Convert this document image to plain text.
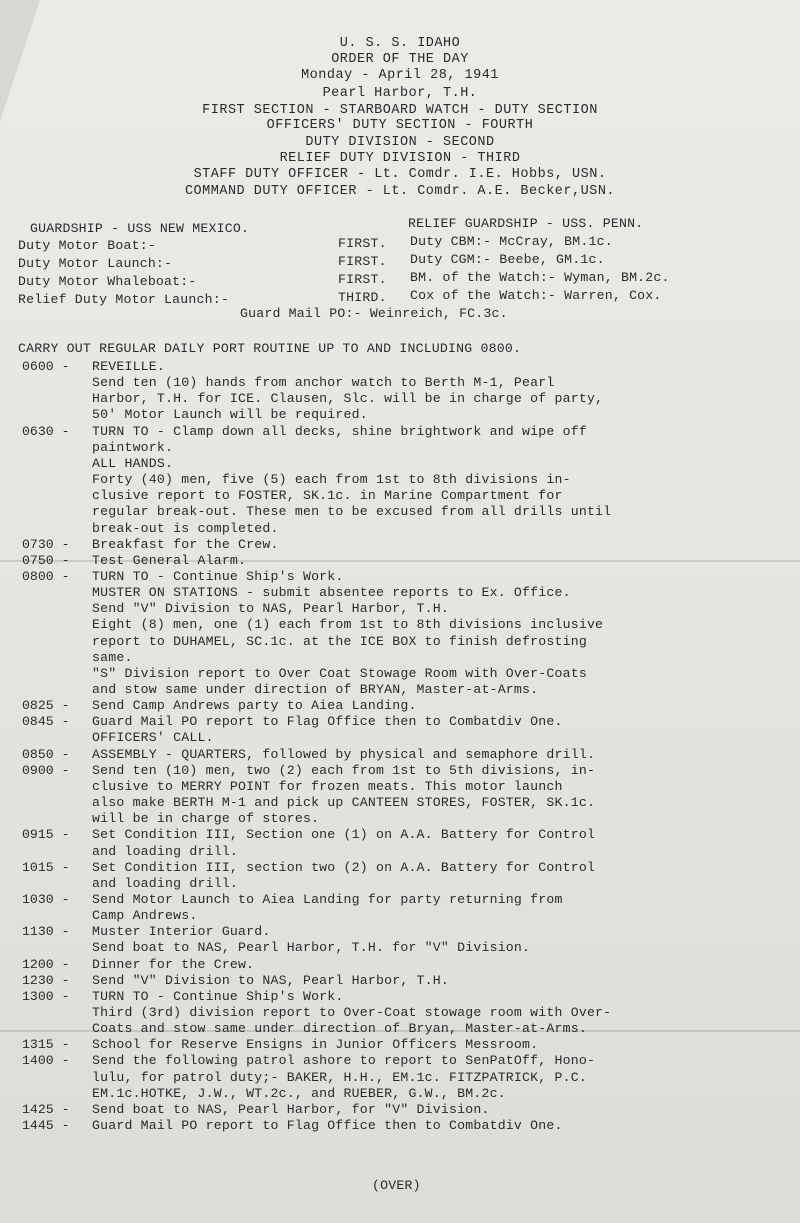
U. S. S. IDAHO
ORDER OF THE DAY
Monday - April 28, 1941
Pearl Harbor, T.H.
FIRST SECTION - STARBOARD WATCH - DUTY SECTION
OFFICERS' DUTY SECTION - FOURTH
DUTY DIVISION - SECOND
RELIEF DUTY DIVISION - THIRD
STAFF DUTY OFFICER - Lt. Comdr. I.E. Hobbs, USN.
COMMAND DUTY OFFICER - Lt. Comdr. A.E. Becker,USN.
GUARDSHIP - USS NEW MEXICO.	RELIEF GUARDSHIP - USS. PENN.
Duty Motor Boat:-	FIRST. Duty CBM:- McCray, BM.1c.
Duty Motor Launch:-	FIRST. Duty CGM:- Beebe, GM.1c.
Duty Motor Whaleboat:-	FIRST. BM. of the Watch:- Wyman, BM.2c.
Relief Duty Motor Launch:-	THIRD. Cox of the Watch:- Warren, Cox.
Guard Mail PO:- Weinreich, FC.3c.
CARRY OUT REGULAR DAILY PORT ROUTINE UP TO AND INCLUDING 0800.
0600 - REVEILLE.
Send ten (10) hands from anchor watch to Berth M-1, Pearl
Harbor, T.H. for ICE. Clausen, Slc. will be in charge of party,
50' Motor Launch will be required.
0630 - TURN TO - Clamp down all decks, shine brightwork and wipe off
paintwork.
ALL HANDS.
Forty (40) men, five (5) each from 1st to 8th divisions in-
clusive report to FOSTER, SK.1c. in Marine Compartment for
regular break-out. These men to be excused from all drills until
break-out is completed.
0730 - Breakfast for the Crew.
0750 - Test General Alarm.
0800 - TURN TO - Continue Ship's Work.
MUSTER ON STATIONS - submit absentee reports to Ex. Office.
Send "V" Division to NAS, Pearl Harbor, T.H.
Eight (8) men, one (1) each from 1st to 8th divisions inclusive
report to DUHAMEL, SC.1c. at the ICE BOX to finish defrosting
same.
"S" Division report to Over Coat Stowage Room with Over-Coats
and stow same under direction of BRYAN, Master-at-Arms.
0825 - Send Camp Andrews party to Aiea Landing.
0845 - Guard Mail PO report to Flag Office then to Combatdiv One.
OFFICERS' CALL.
0850 - ASSEMBLY - QUARTERS, followed by physical and semaphore drill.
0900 - Send ten (10) men, two (2) each from 1st to 5th divisions, in-
clusive to MERRY POINT for frozen meats. This motor launch
also make BERTH M-1 and pick up CANTEEN STORES, FOSTER, SK.1c.
will be in charge of stores.
0915 - Set Condition III, Section one (1) on A.A. Battery for Control
and loading drill.
1015 - Set Condition III, section two (2) on A.A. Battery for Control
and loading drill.
1030 - Send Motor Launch to Aiea Landing for party returning from
Camp Andrews.
1130 - Muster Interior Guard.
Send boat to NAS, Pearl Harbor, T.H. for "V" Division.
1200 - Dinner for the Crew.
1230 - Send "V" Division to NAS, Pearl Harbor, T.H.
1300 - TURN TO - Continue Ship's Work.
Third (3rd) division report to Over-Coat stowage room with Over-
Coats and stow same under direction of Bryan, Master-at-Arms.
1315 - School for Reserve Ensigns in Junior Officers Messroom.
1400 - Send the following patrol ashore to report to SenPatOff, Hono-
lulu, for patrol duty;- BAKER, H.H., EM.1c. FITZPATRICK, P.C.
EM.1c.HOTKE, J.W., WT.2c., and RUEBER, G.W., BM.2c.
1425 - Send boat to NAS, Pearl Harbor, for "V" Division.
1445 - Guard Mail PO report to Flag Office then to Combatdiv One.
(OVER)
